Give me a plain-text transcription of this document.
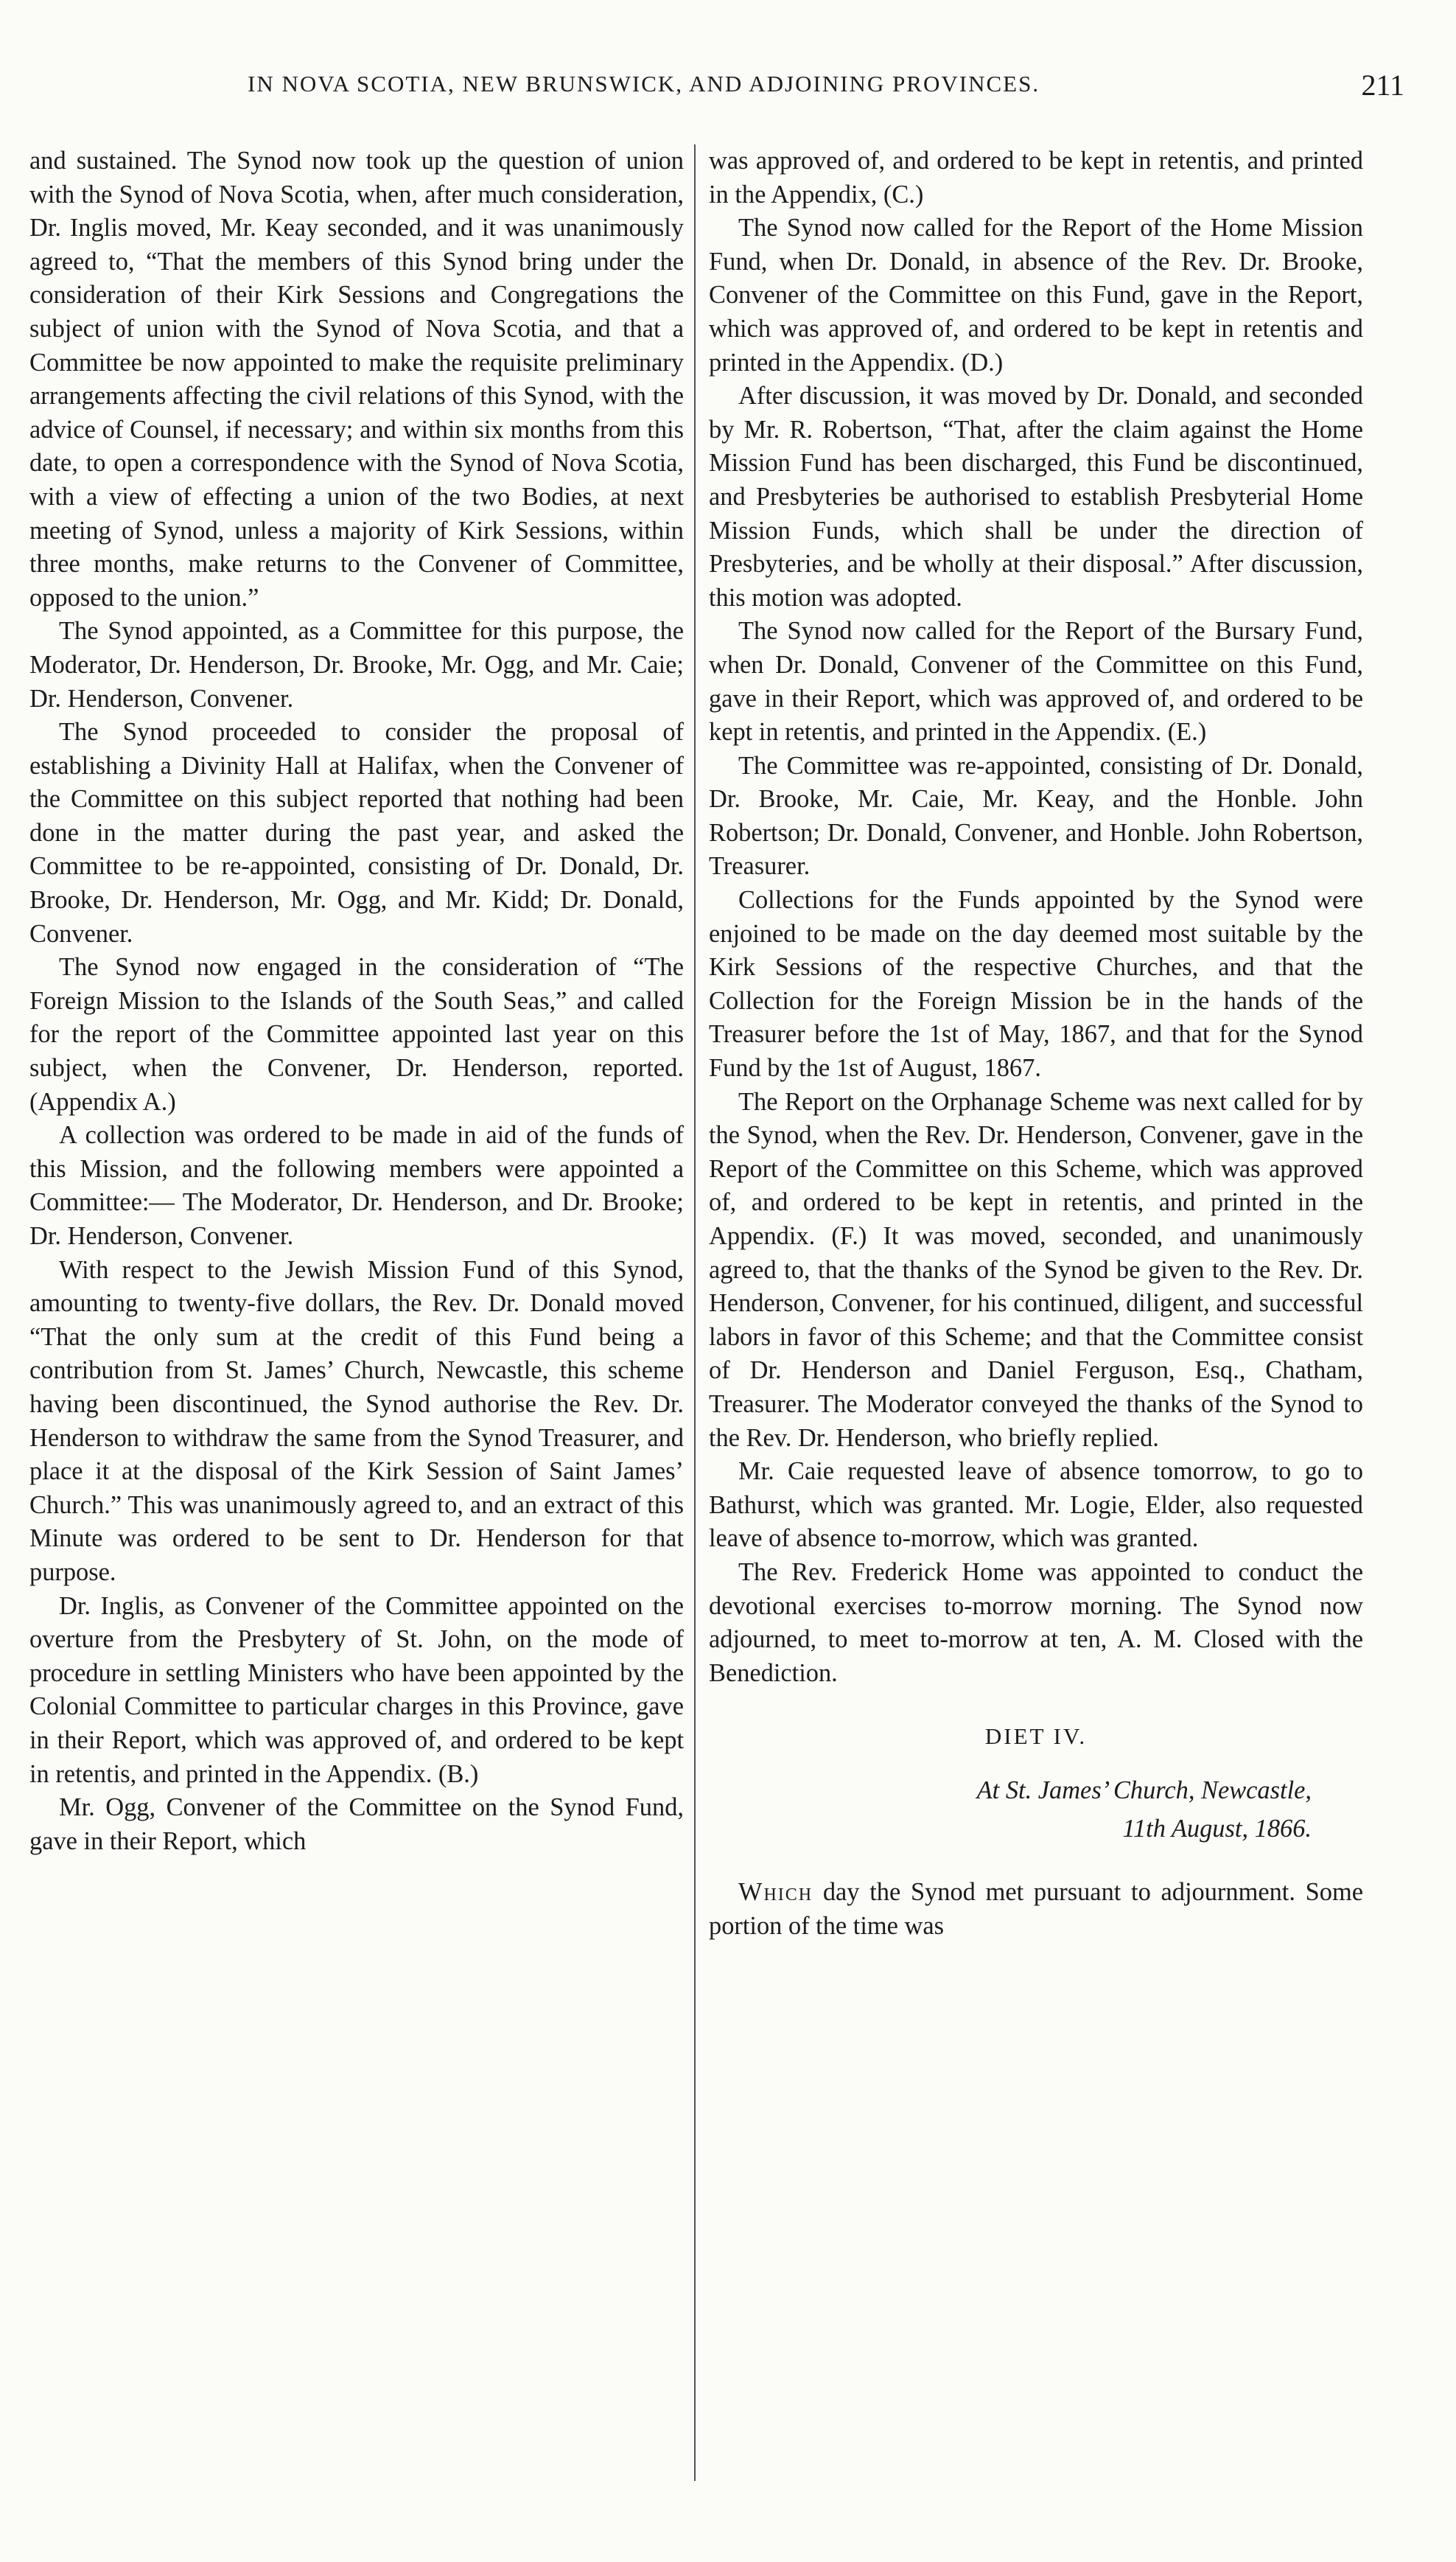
IN NOVA SCOTIA, NEW BRUNSWICK, AND ADJOINING PROVINCES.	211

and sustained. The Synod now took up the question of union with the Synod of Nova Scotia, when, after much consideration, Dr. Inglis moved, Mr. Keay seconded, and it was unanimously agreed to, “That the members of this Synod bring under the consideration of their Kirk Sessions and Congregations the subject of union with the Synod of Nova Scotia, and that a Committee be now appointed to make the requisite preliminary arrangements affecting the civil relations of this Synod, with the advice of Counsel, if necessary; and within six months from this date, to open a correspondence with the Synod of Nova Scotia, with a view of effecting a union of the two Bodies, at next meeting of Synod, unless a majority of Kirk Sessions, within three months, make returns to the Convener of Committee, opposed to the union.”

The Synod appointed, as a Committee for this purpose, the Moderator, Dr. Henderson, Dr. Brooke, Mr. Ogg, and Mr. Caie; Dr. Henderson, Convener.

The Synod proceeded to consider the proposal of establishing a Divinity Hall at Halifax, when the Convener of the Committee on this subject reported that nothing had been done in the matter during the past year, and asked the Committee to be re-appointed, consisting of Dr. Donald, Dr. Brooke, Dr. Henderson, Mr. Ogg, and Mr. Kidd; Dr. Donald, Convener.

The Synod now engaged in the consideration of “The Foreign Mission to the Islands of the South Seas,” and called for the report of the Committee appointed last year on this subject, when the Convener, Dr. Henderson, reported. (Appendix A.)

A collection was ordered to be made in aid of the funds of this Mission, and the following members were appointed a Committee:— The Moderator, Dr. Henderson, and Dr. Brooke; Dr. Henderson, Convener.

With respect to the Jewish Mission Fund of this Synod, amounting to twenty-five dollars, the Rev. Dr. Donald moved “That the only sum at the credit of this Fund being a contribution from St. James’ Church, Newcastle, this scheme having been discontinued, the Synod authorise the Rev. Dr. Henderson to withdraw the same from the Synod Treasurer, and place it at the disposal of the Kirk Session of Saint James’ Church.” This was unanimously agreed to, and an extract of this Minute was ordered to be sent to Dr. Henderson for that purpose.

Dr. Inglis, as Convener of the Committee appointed on the overture from the Presbytery of St. John, on the mode of procedure in settling Ministers who have been appointed by the Colonial Committee to particular charges in this Province, gave in their Report, which was approved of, and ordered to be kept in retentis, and printed in the Appendix. (B.)

Mr. Ogg, Convener of the Committee on the Synod Fund, gave in their Report, which

was approved of, and ordered to be kept in retentis, and printed in the Appendix, (C.)

The Synod now called for the Report of the Home Mission Fund, when Dr. Donald, in absence of the Rev. Dr. Brooke, Convener of the Committee on this Fund, gave in the Report, which was approved of, and ordered to be kept in retentis and printed in the Appendix. (D.)

After discussion, it was moved by Dr. Donald, and seconded by Mr. R. Robertson, “That, after the claim against the Home Mission Fund has been discharged, this Fund be discontinued, and Presbyteries be authorised to establish Presbyterial Home Mission Funds, which shall be under the direction of Presbyteries, and be wholly at their disposal.” After discussion, this motion was adopted.

The Synod now called for the Report of the Bursary Fund, when Dr. Donald, Convener of the Committee on this Fund, gave in their Report, which was approved of, and ordered to be kept in retentis, and printed in the Appendix. (E.)

The Committee was re-appointed, consisting of Dr. Donald, Dr. Brooke, Mr. Caie, Mr. Keay, and the Honble. John Robertson; Dr. Donald, Convener, and Honble. John Robertson, Treasurer.

Collections for the Funds appointed by the Synod were enjoined to be made on the day deemed most suitable by the Kirk Sessions of the respective Churches, and that the Collection for the Foreign Mission be in the hands of the Treasurer before the 1st of May, 1867, and that for the Synod Fund by the 1st of August, 1867.

The Report on the Orphanage Scheme was next called for by the Synod, when the Rev. Dr. Henderson, Convener, gave in the Report of the Committee on this Scheme, which was approved of, and ordered to be kept in retentis, and printed in the Appendix. (F.) It was moved, seconded, and unanimously agreed to, that the thanks of the Synod be given to the Rev. Dr. Henderson, Convener, for his continued, diligent, and successful labors in favor of this Scheme; and that the Committee consist of Dr. Henderson and Daniel Ferguson, Esq., Chatham, Treasurer. The Moderator conveyed the thanks of the Synod to the Rev. Dr. Henderson, who briefly replied.

Mr. Caie requested leave of absence tomorrow, to go to Bathurst, which was granted. Mr. Logie, Elder, also requested leave of absence to-morrow, which was granted.

The Rev. Frederick Home was appointed to conduct the devotional exercises to-morrow morning. The Synod now adjourned, to meet to-morrow at ten, A. M. Closed with the Benediction.

DIET IV.

At St. James’ Church, Newcastle,
11th August, 1866.

Which day the Synod met pursuant to adjournment. Some portion of the time was
